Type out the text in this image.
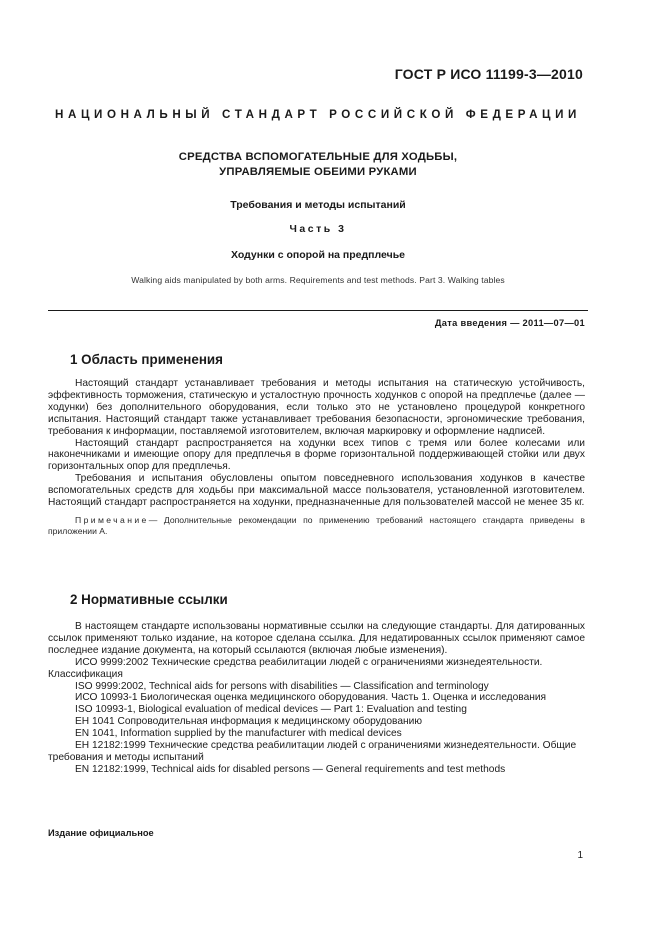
ГОСТ Р ИСО 11199-3—2010
НАЦИОНАЛЬНЫЙ СТАНДАРТ РОССИЙСКОЙ ФЕДЕРАЦИИ
СРЕДСТВА ВСПОМОГАТЕЛЬНЫЕ ДЛЯ ХОДЬБЫ,
УПРАВЛЯЕМЫЕ ОБЕИМИ РУКАМИ
Требования и методы испытаний
Часть 3
Ходунки с опорой на предплечье
Walking aids manipulated by both arms. Requirements and test methods. Part 3. Walking tables
Дата введения — 2011—07—01
1 Область применения

Настоящий стандарт устанавливает требования и методы испытания на статическую устойчивость, эффективность торможения, статическую и усталостную прочность ходунков с опорой на предплечье (далее — ходунки) без дополнительного оборудования, если только это не установлено процедурой конкретного испытания. Настоящий стандарт также устанавливает требования безопасности, эргономические требования, требования к информации, поставляемой изготовителем, включая маркировку и оформление надписей.

Настоящий стандарт распространяется на ходунки всех типов с тремя или более колесами или наконечниками и имеющие опору для предплечья в форме горизонтальной поддерживающей стойки или двух горизонтальных опор для предплечья.

Требования и испытания обусловлены опытом повседневного использования ходунков в качестве вспомогательных средств для ходьбы при максимальной массе пользователя, установленной изготовителем. Настоящий стандарт распространяется на ходунки, предназначенные для пользователей массой не менее 35 кг.

Примечание— Дополнительные рекомендации по применению требований настоящего стандарта приведены в приложении А.

2 Нормативные ссылки

В настоящем стандарте использованы нормативные ссылки на следующие стандарты. Для датированных ссылок применяют только издание, на которое сделана ссылка. Для недатированных ссылок применяют самое последнее издание документа, на который ссылаются (включая любые изменения).

ИСО 9999:2002 Технические средства реабилитации людей с ограничениями жизнедеятельности. Классификация

ISO 9999:2002, Technical aids for persons with disabilities — Classification and terminology

ИСО 10993-1 Биологическая оценка медицинского оборудования. Часть 1. Оценка и исследования

ISO 10993-1, Biological evaluation of medical devices — Part 1: Evaluation and testing

EH 1041 Сопроводительная информация к медицинскому оборудованию

EN 1041, Information supplied by the manufacturer with medical devices

EH 12182:1999 Технические средства реабилитации людей с ограничениями жизнедеятельности. Общие требования и методы испытаний

EN 12182:1999, Technical aids for disabled persons — General requirements and test methods

Издание официальное
1
